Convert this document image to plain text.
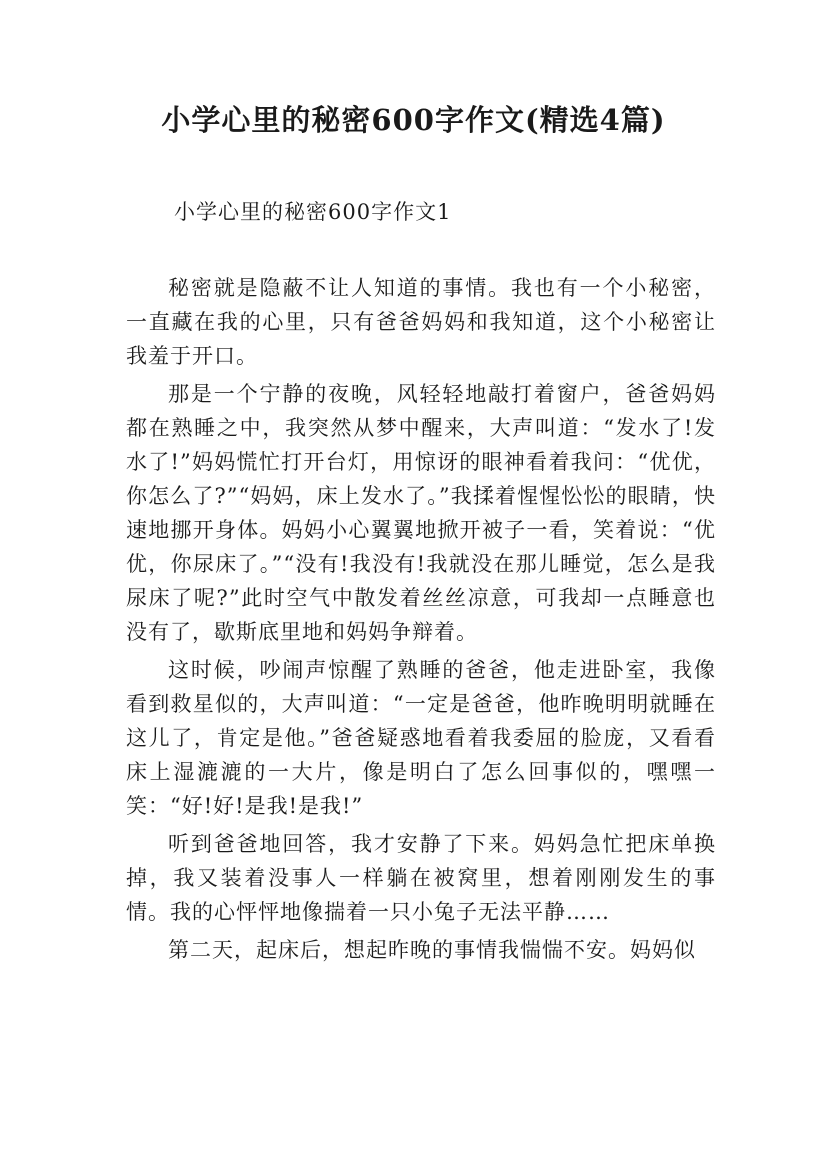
小学心里的秘密600字作文(精选4篇)

小学心里的秘密600字作文1

秘密就是隐蔽不让人知道的事情。我也有一个小秘密，一直藏在我的心里，只有爸爸妈妈和我知道，这个小秘密让我羞于开口。

那是一个宁静的夜晚，风轻轻地敲打着窗户，爸爸妈妈都在熟睡之中，我突然从梦中醒来，大声叫道：“发水了!发水了!”妈妈慌忙打开台灯，用惊讶的眼神看着我问：“优优，你怎么了?”“妈妈，床上发水了。”我揉着惺惺忪忪的眼睛，快速地挪开身体。妈妈小心翼翼地掀开被子一看，笑着说：“优优，你尿床了。”“没有!我没有!我就没在那儿睡觉，怎么是我尿床了呢?”此时空气中散发着丝丝凉意，可我却一点睡意也没有了，歇斯底里地和妈妈争辩着。

这时候，吵闹声惊醒了熟睡的爸爸，他走进卧室，我像看到救星似的，大声叫道：“一定是爸爸，他昨晚明明就睡在这儿了，肯定是他。”爸爸疑惑地看着我委屈的脸庞，又看看床上湿漉漉的一大片，像是明白了怎么回事似的，嘿嘿一笑：“好!好!是我!是我!”

听到爸爸地回答，我才安静了下来。妈妈急忙把床单换掉，我又装着没事人一样躺在被窝里，想着刚刚发生的事情。我的心怦怦地像揣着一只小兔子无法平静……

第二天，起床后，想起昨晚的事情我惴惴不安。妈妈似
